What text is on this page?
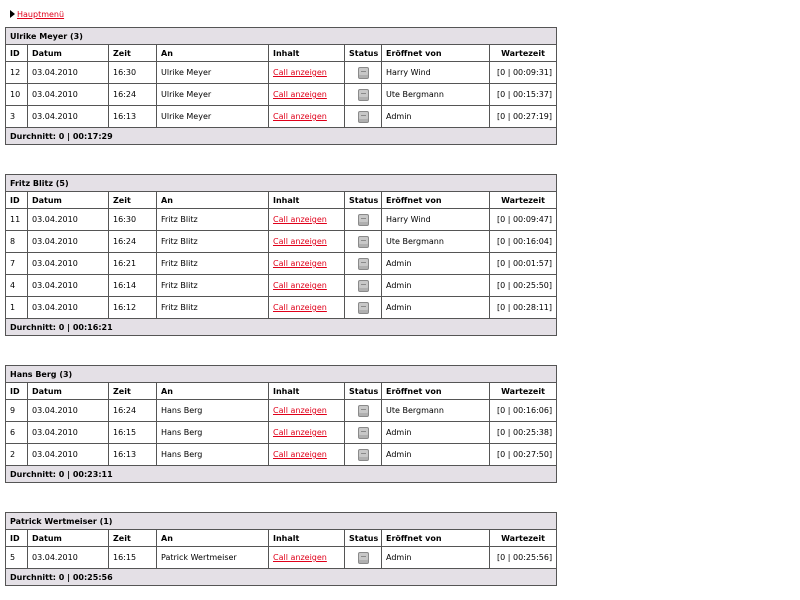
Hauptmenü
Ulrike Meyer (3)							
ID	Datum	Zeit	An	Inhalt	Status	Eröffnet von	Wartezeit
12	03.04.2010	16:30	Ulrike Meyer	Call anzeigen		Harry Wind	[0 | 00:09:31]
10	03.04.2010	16:24	Ulrike Meyer	Call anzeigen		Ute Bergmann	[0 | 00:15:37]
3	03.04.2010	16:13	Ulrike Meyer	Call anzeigen		Admin	[0 | 00:27:19]
Durchnitt: 0 | 00:17:29							
Fritz Blitz (5)							
ID	Datum	Zeit	An	Inhalt	Status	Eröffnet von	Wartezeit
11	03.04.2010	16:30	Fritz Blitz	Call anzeigen		Harry Wind	[0 | 00:09:47]
8	03.04.2010	16:24	Fritz Blitz	Call anzeigen		Ute Bergmann	[0 | 00:16:04]
7	03.04.2010	16:21	Fritz Blitz	Call anzeigen		Admin	[0 | 00:01:57]
4	03.04.2010	16:14	Fritz Blitz	Call anzeigen		Admin	[0 | 00:25:50]
1	03.04.2010	16:12	Fritz Blitz	Call anzeigen		Admin	[0 | 00:28:11]
Durchnitt: 0 | 00:16:21							
Hans Berg (3)							
ID	Datum	Zeit	An	Inhalt	Status	Eröffnet von	Wartezeit
9	03.04.2010	16:24	Hans Berg	Call anzeigen		Ute Bergmann	[0 | 00:16:06]
6	03.04.2010	16:15	Hans Berg	Call anzeigen		Admin	[0 | 00:25:38]
2	03.04.2010	16:13	Hans Berg	Call anzeigen		Admin	[0 | 00:27:50]
Durchnitt: 0 | 00:23:11							
Patrick Wertmeiser (1)							
ID	Datum	Zeit	An	Inhalt	Status	Eröffnet von	Wartezeit
5	03.04.2010	16:15	Patrick Wertmeiser	Call anzeigen		Admin	[0 | 00:25:56]
Durchnitt: 0 | 00:25:56							
